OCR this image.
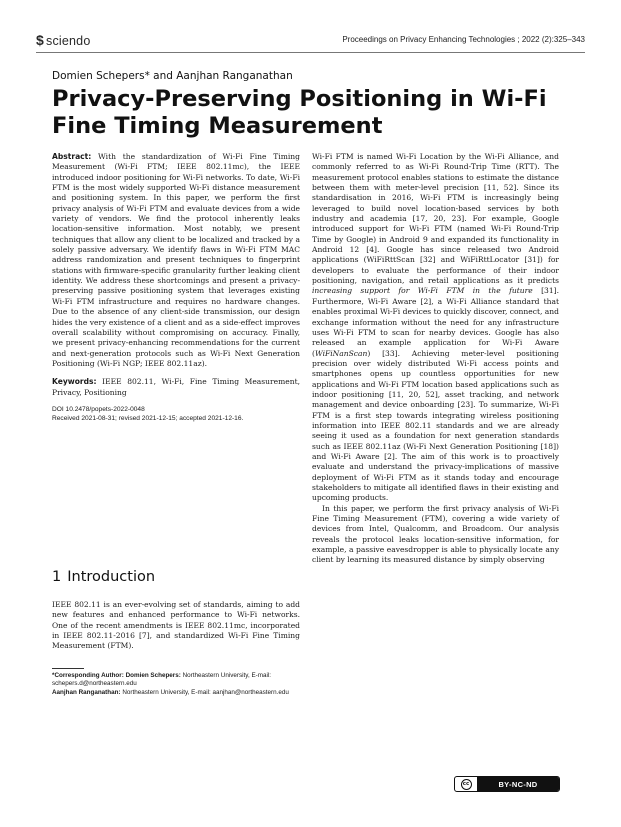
$ sciendo	Proceedings on Privacy Enhancing Technologies ; 2022 (2):325–343
Domien Schepers* and Aanjhan Ranganathan
Privacy-Preserving Positioning in Wi-Fi Fine Timing Measurement

Abstract: With the standardization of Wi-Fi Fine Timing Measurement (Wi-Fi FTM; IEEE 802.11mc), the IEEE introduced indoor positioning for Wi-Fi networks. To date, Wi-Fi FTM is the most widely supported Wi-Fi distance measurement and positioning system. In this paper, we perform the first privacy analysis of Wi-Fi FTM and evaluate devices from a wide variety of vendors. We find the protocol inherently leaks location-sensitive information. Most notably, we present techniques that allow any client to be localized and tracked by a solely passive adversary. We identify flaws in Wi-Fi FTM MAC address randomization and present techniques to fingerprint stations with firmware-specific granularity further leaking client identity. We address these shortcomings and present a privacy-preserving passive positioning system that leverages existing Wi-Fi FTM infrastructure and requires no hardware changes. Due to the absence of any client-side transmission, our design hides the very existence of a client and as a side-effect improves overall scalability without compromising on accuracy. Finally, we present privacy-enhancing recommendations for the current and next-generation protocols such as Wi-Fi Next Generation Positioning (Wi-Fi NGP; IEEE 802.11az).

Keywords: IEEE 802.11, Wi-Fi, Fine Timing Measurement, Privacy, Positioning

DOI 10.2478/popets-2022-0048

Received 2021-08-31; revised 2021-12-15; accepted 2021-12-16.

1 Introduction

IEEE 802.11 is an ever-evolving set of standards, aiming to add new features and enhanced performance to Wi-Fi networks. One of the recent amendments is IEEE 802.11mc, incorporated in IEEE 802.11-2016 [7], and standardized Wi-Fi Fine Timing Measurement (FTM).

*Corresponding Author: Domien Schepers: Northeastern University, E-mail: schepers.d@northeastern.edu
Aanjhan Ranganathan: Northeastern University, E-mail: aanjhan@northeastern.edu

Wi-Fi FTM is named Wi-Fi Location by the Wi-Fi Alliance, and commonly referred to as Wi-Fi Round-Trip Time (RTT). The measurement protocol enables stations to estimate the distance between them with meter-level precision [11, 52]. Since its standardisation in 2016, Wi-Fi FTM is increasingly being leveraged to build novel location-based services by both industry and academia [17, 20, 23]. For example, Google introduced support for Wi-Fi FTM (named Wi-Fi Round-Trip Time by Google) in Android 9 and expanded its functionality in Android 12 [4]. Google has since released two Android applications (WiFiRttScan [32] and WiFiRttLocator [31]) for developers to evaluate the performance of their indoor positioning, navigation, and retail applications as it predicts increasing support for Wi-Fi FTM in the future [31]. Furthermore, Wi-Fi Aware [2], a Wi-Fi Alliance standard that enables proximal Wi-Fi devices to quickly discover, connect, and exchange information without the need for any infrastructure uses Wi-Fi FTM to scan for nearby devices. Google has also released an example application for Wi-Fi Aware (WiFiNanScan) [33]. Achieving meter-level positioning precision over widely distributed Wi-Fi access points and smartphones opens up countless opportunities for new applications and Wi-Fi FTM location based applications such as indoor positioning [11, 20, 52], asset tracking, and network management and device onboarding [23]. To summarize, Wi-Fi FTM is a first step towards integrating wireless positioning information into IEEE 802.11 standards and we are already seeing it used as a foundation for next generation standards such as IEEE 802.11az (Wi-Fi Next Generation Positioning [18]) and Wi-Fi Aware [2]. The aim of this work is to proactively evaluate and understand the privacy-implications of massive deployment of Wi-Fi FTM as it stands today and encourage stakeholders to mitigate all identified flaws in their existing and upcoming products.

In this paper, we perform the first privacy analysis of Wi-Fi Fine Timing Measurement (FTM), covering a wide variety of devices from Intel, Qualcomm, and Broadcom. Our analysis reveals the protocol leaks location-sensitive information, for example, a passive eavesdropper is able to physically locate any client by learning its measured distance by simply observing

cc	BY-NC-ND
